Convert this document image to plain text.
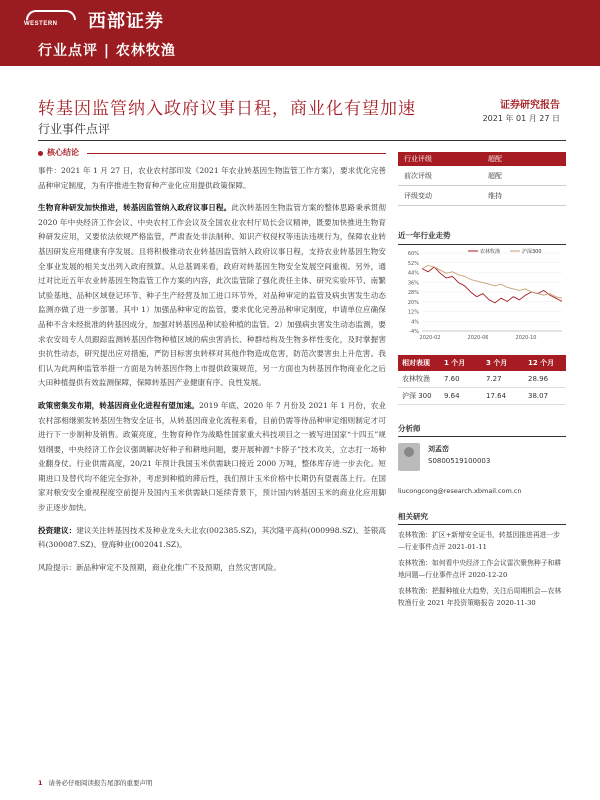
WESTERN 西部证券
行业点评 | 农林牧渔
转基因监管纳入政府议事日程，商业化有望加速	证券研究报告
2021 年 01 月 27 日
行业事件点评
核心结论
事件：2021 年 1 月 27 日，农业农村部印发《2021 年农业转基因生物监管工作方案》，要求优化完善品种审定制度，为有序推进生物育种产业化应用提供政策保障。
生物育种研发加快推进，转基因监管纳入政府议事日程。此次转基因生物监管方案的整体思路秉承贯彻 2020 年中央经济工作会议、中央农村工作会议及全国农业农村厅局长会议精神，既要加快推进生物育种研发应用，又要依法依规严格监管，严肃查处非法制种、知识产权侵权等违法违规行为，保障农业转基因研发应用健康有序发展。且将积极推动农业转基因监管纳入政府议事日程，支持农业转基因生物安全事业发展的相关支出列入政府预算。从总基调来看，政府对转基因生物安全发展空间重视。另外，通过对比近五年农业转基因生物监管工作方案的内容，此次监管除了强化责任主体、研究实验环节、南繁试验基地、品种区域登记环节、种子生产经营及加工进口环节外，对品种审定的监管及病虫害发生动态监测亦做了进一步部署。其中 1）加强品种审定的监管，要求优化完善品种审定制度，申请单位应确保品种不含未经批准的转基因成分，加强对转基因品种试验种植的监管。2）加强病虫害发生动态监测，要求农安局专人员跟踪监测转基因作物种植区域的病虫害消长、种群结构及生物多样性变化，及时掌握害虫抗性动态，研究提出应对措施，严防目标害虫转移对其他作物造成危害，防范次要害虫上升危害。我们认为此两种监管举措一方面是为转基因作物上市提供政策规范，另一方面也为转基因作物商业化之后大田种植提供有效监测保障，保障转基因产业健康有序、良性发展。
政策密集发布期，转基因商业化进程有望加速。2019 年底、2020 年 7 月份及 2021 年 1 月份，农业农村部相继颁发转基因生物安全证书，从转基因商业化流程来看，目前仍需等待品种审定细则制定才可进行下一步制种及销售。政策亮度，生物育种作为战略性国家重大科技项目之一被写进国家“十四五”规划纲要，中央经济工作会议强调解决好种子和耕地问题，要开展种源“卡脖子”技术攻关，立志打一场种业翻身仗。行业供需高度，20/21 年预计我国玉米供需缺口接近 2000 万吨，整体库存进一步去化。短期进口及替代均不能完全弥补，考虑到种植的滞后性，我们预计玉米价格中长期仍有望震荡上行。在国家对粮安安全重视程度空前提升及国内玉米供需缺口延续背景下，预计国内转基因玉米的商业化应用脚步正逐步加快。
投资建议：建议关注转基因技术及种业龙头大北农(002385.SZ)，其次隆平高科(000998.SZ)、荃银高科(300087.SZ)、登海种业(002041.SZ)。
风险提示：新品种审定不及预期，商业化推广不及预期，自然灾害风险。
行业评级	超配
前次评级	超配
评级变动	维持
近一年行业走势
60%
52%
44%
36%
28%
20%
12%
4%
-4%
2020-02	2020-06	2020-10
农林牧渔	沪深300
相对表现	1 个月	3 个月	12 个月
农林牧渔	7.60	7.27	28.96
沪深 300	9.64	17.64	38.07
分析师
刘孟峦
S0800519100003
liucongcong@research.xbmail.com.cn
相关研究
农林牧渔：扩区+新增安全证书，转基因推进再进一步—行业事件点评 2021-01-11
农林牧渔：如何看中央经济工作会议雷次聚焦种子和耕地问题—行业事件点评 2020-12-20
农林牧渔：把握种植业大趋势，关注后周期机会—农林牧渔行业 2021 年投资策略报告 2020-11-30
1 请务必仔细阅读报告尾部的重要声明
